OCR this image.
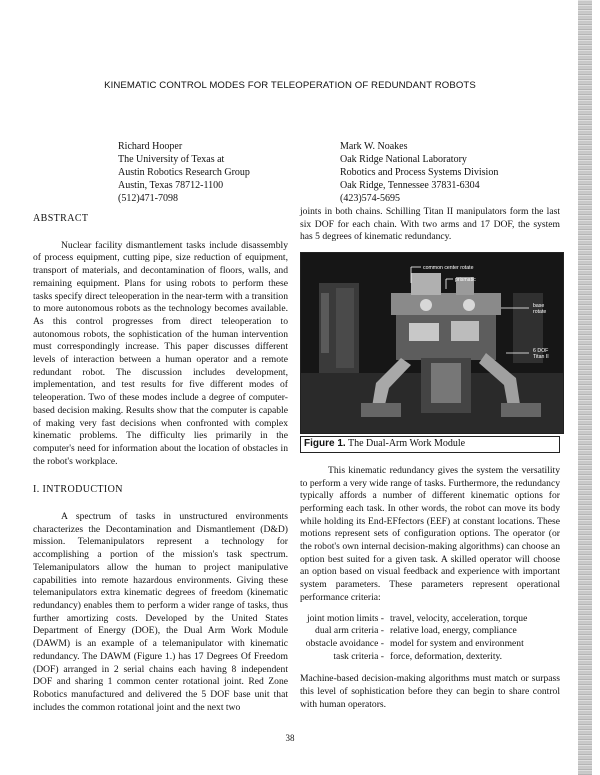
KINEMATIC CONTROL MODES FOR TELEOPERATION OF REDUNDANT ROBOTS
Richard Hooper
The University of Texas at
Austin Robotics Research Group
Austin, Texas 78712-1100
(512)471-7098
Mark W. Noakes
Oak Ridge National Laboratory
Robotics and Process Systems Division
Oak Ridge, Tennessee 37831-6304
(423)574-5695
ABSTRACT

Nuclear facility dismantlement tasks include disassembly of process equipment, cutting pipe, size reduction of equipment, transport of materials, and decontamination of floors, walls, and remaining equipment. Plans for using robots to perform these tasks specify direct teleoperation in the near-term with a transition to more autonomous robots as the technology becomes available. As this control progresses from direct teleoperation to autonomous robots, the sophistication of the human intervention must correspondingly increase. This paper discusses different levels of interaction between a human operator and a remote redundant robot. The discussion includes development, implementation, and test results for five different modes of teleoperation. Two of these modes include a degree of computer-based decision making. Results show that the computer is capable of making very fast decisions when confronted with complex kinematic problems. The difficulty lies primarily in the computer's need for information about the location of obstacles in the robot's workplace.

I. INTRODUCTION

A spectrum of tasks in unstructured environments characterizes the Decontamination and Dismantlement (D&D) mission. Telemanipulators represent a technology for accomplishing a portion of the mission's task spectrum. Telemanipulators allow the human to project manipulative capabilities into remote hazardous environments. Giving these telemanipulators extra kinematic degrees of freedom (kinematic redundancy) enables them to perform a wider range of tasks, thus further amortizing costs. Developed by the United States Department of Energy (DOE), the Dual Arm Work Module (DAWM) is an example of a telemanipulator with kinematic redundancy. The DAWM (Figure 1.) has 17 Degrees Of Freedom (DOF) arranged in 2 serial chains each having 8 independent DOF and sharing 1 common center rotational joint. Red Zone Robotics manufactured and delivered the 5 DOF base unit that includes the common rotational joint and the next two

joints in both chains. Schilling Titan II manipulators form the last six DOF for each chain. With two arms and 17 DOF, the system has 5 degrees of kinematic redundancy.

common center rotate
prismatic
base
rotate
6 DOF
Titan II
Figure 1. The Dual-Arm Work Module

This kinematic redundancy gives the system the versatility to perform a very wide range of tasks. Furthermore, the redundancy typically affords a number of different kinematic options for performing each task. In other words, the robot can move its body while holding its End-EFfectors (EEF) at constant locations. These motions represent sets of configuration options. The operator (or the robot's own internal decision-making algorithms) can choose an option best suited for a given task. A skilled operator will choose an option based on visual feedback and experience with important system parameters. These parameters represent operational performance criteria:

joint motion limits - travel, velocity, acceleration, torque
dual arm criteria - relative load, energy, compliance
obstacle avoidance - model for system and environment
task criteria - force, deformation, dexterity.

Machine-based decision-making algorithms must match or surpass this level of sophistication before they can begin to share control with human operators.

38
